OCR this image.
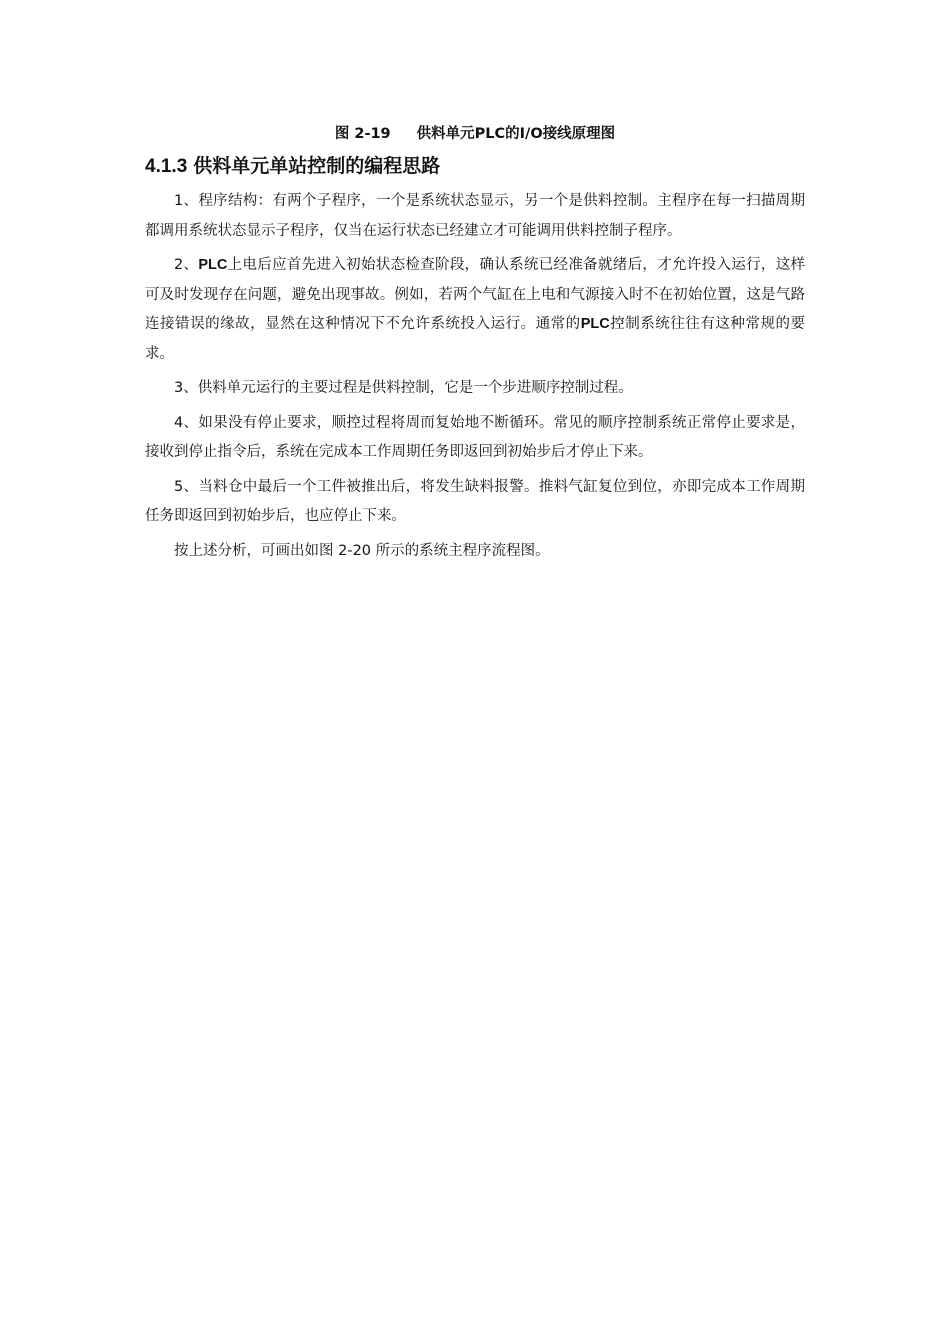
图 2-19 供料单元PLC的I/O接线原理图
4.1.3 供料单元单站控制的编程思路

1、程序结构：有两个子程序，一个是系统状态显示，另一个是供料控制。主程序在每一扫描周期都调用系统状态显示子程序，仅当在运行状态已经建立才可能调用供料控制子程序。

2、PLC上电后应首先进入初始状态检查阶段，确认系统已经准备就绪后，才允许投入运行，这样可及时发现存在问题，避免出现事故。例如，若两个气缸在上电和气源接入时不在初始位置，这是气路连接错误的缘故，显然在这种情况下不允许系统投入运行。通常的PLC控制系统往往有这种常规的要求。

3、供料单元运行的主要过程是供料控制，它是一个步进顺序控制过程。

4、如果没有停止要求，顺控过程将周而复始地不断循环。常见的顺序控制系统正常停止要求是，接收到停止指令后，系统在完成本工作周期任务即返回到初始步后才停止下来。

5、当料仓中最后一个工件被推出后，将发生缺料报警。推料气缸复位到位，亦即完成本工作周期任务即返回到初始步后，也应停止下来。

按上述分析，可画出如图 2-20 所示的系统主程序流程图。
